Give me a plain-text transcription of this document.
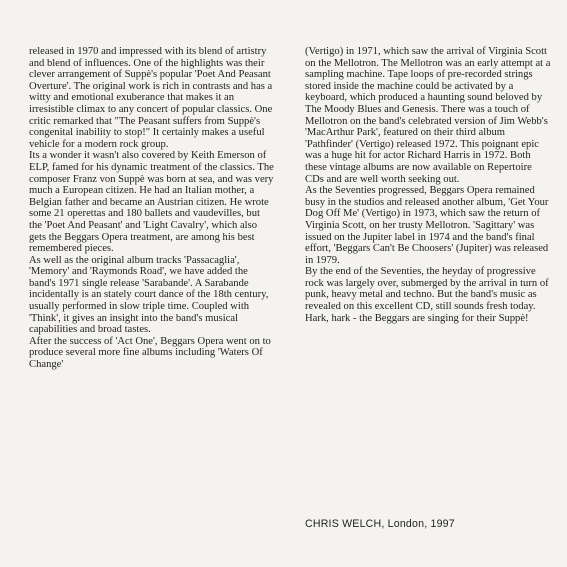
released in 1970 and impressed with its blend of artistry and blend of influences. One of the highlights was their clever arrangement of Suppè's popular 'Poet And Peasant Overture'. The original work is rich in contrasts and has a witty and emotional exuberance that makes it an irresistible climax to any concert of popular classics. One critic remarked that "The Peasant suffers from Suppè's congenital inability to stop!" It certainly makes a useful vehicle for a modern rock group.

Its a wonder it wasn't also covered by Keith Emerson of ELP, famed for his dynamic treatment of the classics. The composer Franz von Suppè was born at sea, and was very much a European citizen. He had an Italian mother, a Belgian father and became an Austrian citizen. He wrote some 21 operettas and 180 ballets and vaudevilles, but the 'Poet And Peasant' and 'Light Cavalry', which also gets the Beggars Opera treatment, are among his best remembered pieces.

As well as the original album tracks 'Passacaglia', 'Memory' and 'Raymonds Road', we have added the band's 1971 single release 'Sarabande'. A Sarabande incidentally is an stately court dance of the 18th century, usually performed in slow triple time. Coupled with 'Think', it gives an insight into the band's musical capabilities and broad tastes.

After the success of 'Act One', Beggars Opera went on to produce several more fine albums including 'Waters Of Change'

(Vertigo) in 1971, which saw the arrival of Virginia Scott on the Mellotron. The Mellotron was an early attempt at a sampling machine. Tape loops of pre-recorded strings stored inside the machine could be activated by a keyboard, which produced a haunting sound beloved by The Moody Blues and Genesis. There was a touch of Mellotron on the band's celebrated version of Jim Webb's 'MacArthur Park', featured on their third album 'Pathfinder' (Vertigo) released 1972. This poignant epic was a huge hit for actor Richard Harris in 1972. Both these vintage albums are now available on Repertoire CDs and are well worth seeking out.

As the Seventies progressed, Beggars Opera remained busy in the studios and released another album, 'Get Your Dog Off Me' (Vertigo) in 1973, which saw the return of Virginia Scott, on her trusty Mellotron. 'Sagittary' was issued on the Jupiter label in 1974 and the band's final effort, 'Beggars Can't Be Choosers' (Jupiter) was released in 1979.

By the end of the Seventies, the heyday of progressive rock was largely over, submerged by the arrival in turn of punk, heavy metal and techno. But the band's music as revealed on this excellent CD, still sounds fresh today. Hark, hark - the Beggars are singing for their Suppè!

CHRIS WELCH, London, 1997
